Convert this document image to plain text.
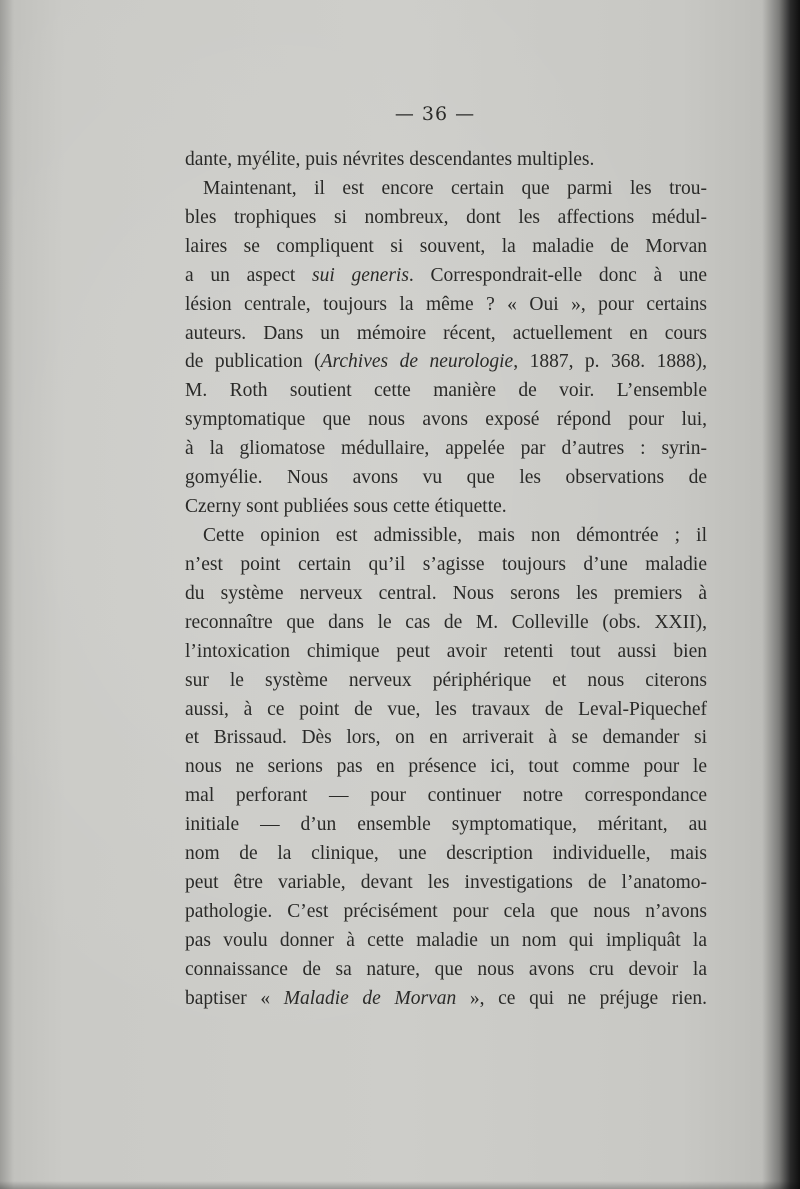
— 36 —
dante, myélite, puis névrites descendantes multiples.
Maintenant, il est encore certain que parmi les trou-
bles trophiques si nombreux, dont les affections médul-
laires se compliquent si souvent, la maladie de Morvan
a un aspect sui generis. Correspondrait-elle donc à une
lésion centrale, toujours la même ? « Oui », pour certains
auteurs. Dans un mémoire récent, actuellement en cours
de publication (Archives de neurologie, 1887, p. 368. 1888),
M. Roth soutient cette manière de voir. L’ensemble
symptomatique que nous avons exposé répond pour lui,
à la gliomatose médullaire, appelée par d’autres : syrin-
gomyélie. Nous avons vu que les observations de
Czerny sont publiées sous cette étiquette.
Cette opinion est admissible, mais non démontrée ; il
n’est point certain qu’il s’agisse toujours d’une maladie
du système nerveux central. Nous serons les premiers à
reconnaître que dans le cas de M. Colleville (obs. XXII),
l’intoxication chimique peut avoir retenti tout aussi bien
sur le système nerveux périphérique et nous citerons
aussi, à ce point de vue, les travaux de Leval-Piquechef
et Brissaud. Dès lors, on en arriverait à se demander si
nous ne serions pas en présence ici, tout comme pour le
mal perforant — pour continuer notre correspondance
initiale — d’un ensemble symptomatique, méritant, au
nom de la clinique, une description individuelle, mais
peut être variable, devant les investigations de l’anatomo-
pathologie. C’est précisément pour cela que nous n’avons
pas voulu donner à cette maladie un nom qui impliquât la
connaissance de sa nature, que nous avons cru devoir la
baptiser « Maladie de Morvan », ce qui ne préjuge rien.
